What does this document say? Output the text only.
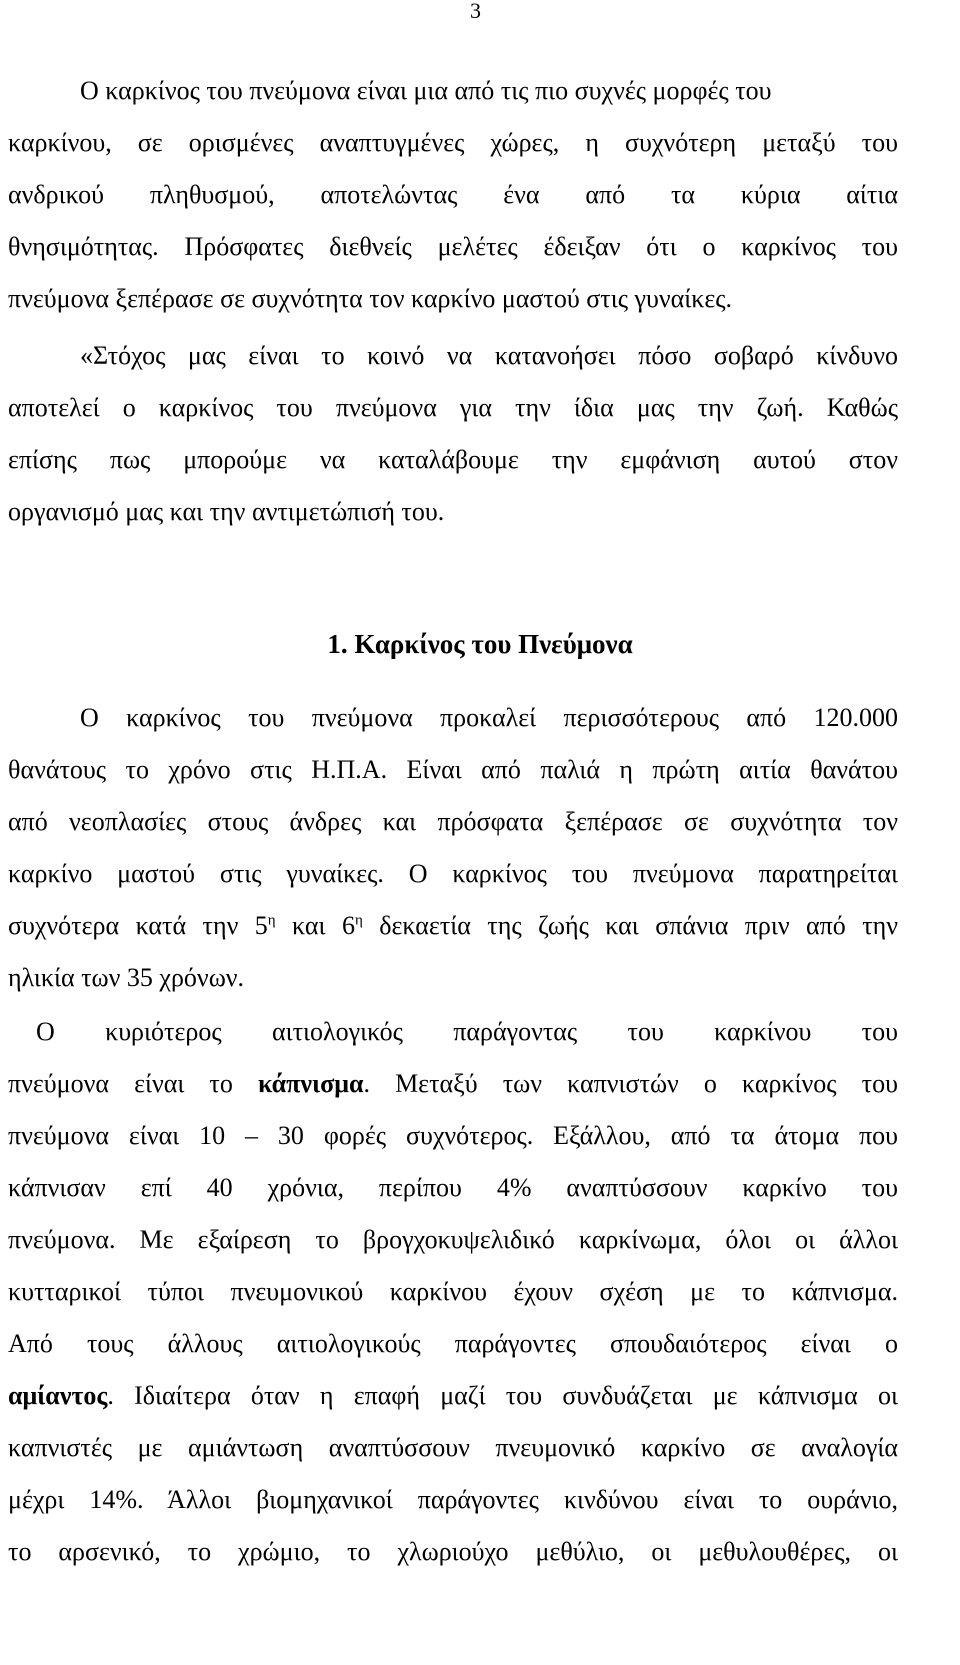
3
Ο καρκίνος του πνεύμονα είναι μια από τις πιο συχνές μορφές του
καρκίνου, σε ορισμένες αναπτυγμένες χώρες, η συχνότερη μεταξύ του
ανδρικού πληθυσμού, αποτελώντας ένα από τα κύρια αίτια
θνησιμότητας. Πρόσφατες διεθνείς μελέτες έδειξαν ότι ο καρκίνος του
πνεύμονα ξεπέρασε σε συχνότητα τον καρκίνο μαστού στις γυναίκες.
«Στόχος μας είναι το κοινό να κατανοήσει πόσο σοβαρό κίνδυνο
αποτελεί ο καρκίνος του πνεύμονα για την ίδια μας την ζωή. Καθώς
επίσης πως μπορούμε να καταλάβουμε την εμφάνιση αυτού στον
οργανισμό μας και την αντιμετώπισή του.
1. Καρκίνος του Πνεύμονα
Ο καρκίνος του πνεύμονα προκαλεί περισσότερους από 120.000
θανάτους το χρόνο στις Η.Π.Α. Είναι από παλιά η πρώτη αιτία θανάτου
από νεοπλασίες στους άνδρες και πρόσφατα ξεπέρασε σε συχνότητα τον
καρκίνο μαστού στις γυναίκες. Ο καρκίνος του πνεύμονα παρατηρείται
συχνότερα κατά την $5^\eta$ και $6^\eta$ δεκαετία της ζωής και σπάνια πριν από την
ηλικία των 35 χρόνων.
Ο κυριότερος αιτιολογικός παράγοντας του καρκίνου του
πνεύμονα είναι το κάπνισμα. Μεταξύ των καπνιστών ο καρκίνος του
πνεύμονα είναι 10 – 30 φορές συχνότερος. Εξάλλου, από τα άτομα που
κάπνισαν επί 40 χρόνια, περίπου 4% αναπτύσσουν καρκίνο του
πνεύμονα. Με εξαίρεση το βρογχοκυψελιδικό καρκίνωμα, όλοι οι άλλοι
κυτταρικοί τύποι πνευμονικού καρκίνου έχουν σχέση με το κάπνισμα.
Από τους άλλους αιτιολογικούς παράγοντες σπουδαιότερος είναι ο
αμίαντος. Ιδιαίτερα όταν η επαφή μαζί του συνδυάζεται με κάπνισμα οι
καπνιστές με αμιάντωση αναπτύσσουν πνευμονικό καρκίνο σε αναλογία
μέχρι 14%. Άλλοι βιομηχανικοί παράγοντες κινδύνου είναι το ουράνιο,
το αρσενικό, το χρώμιο, το χλωριούχο μεθύλιο, οι μεθυλουθέρες, οι
